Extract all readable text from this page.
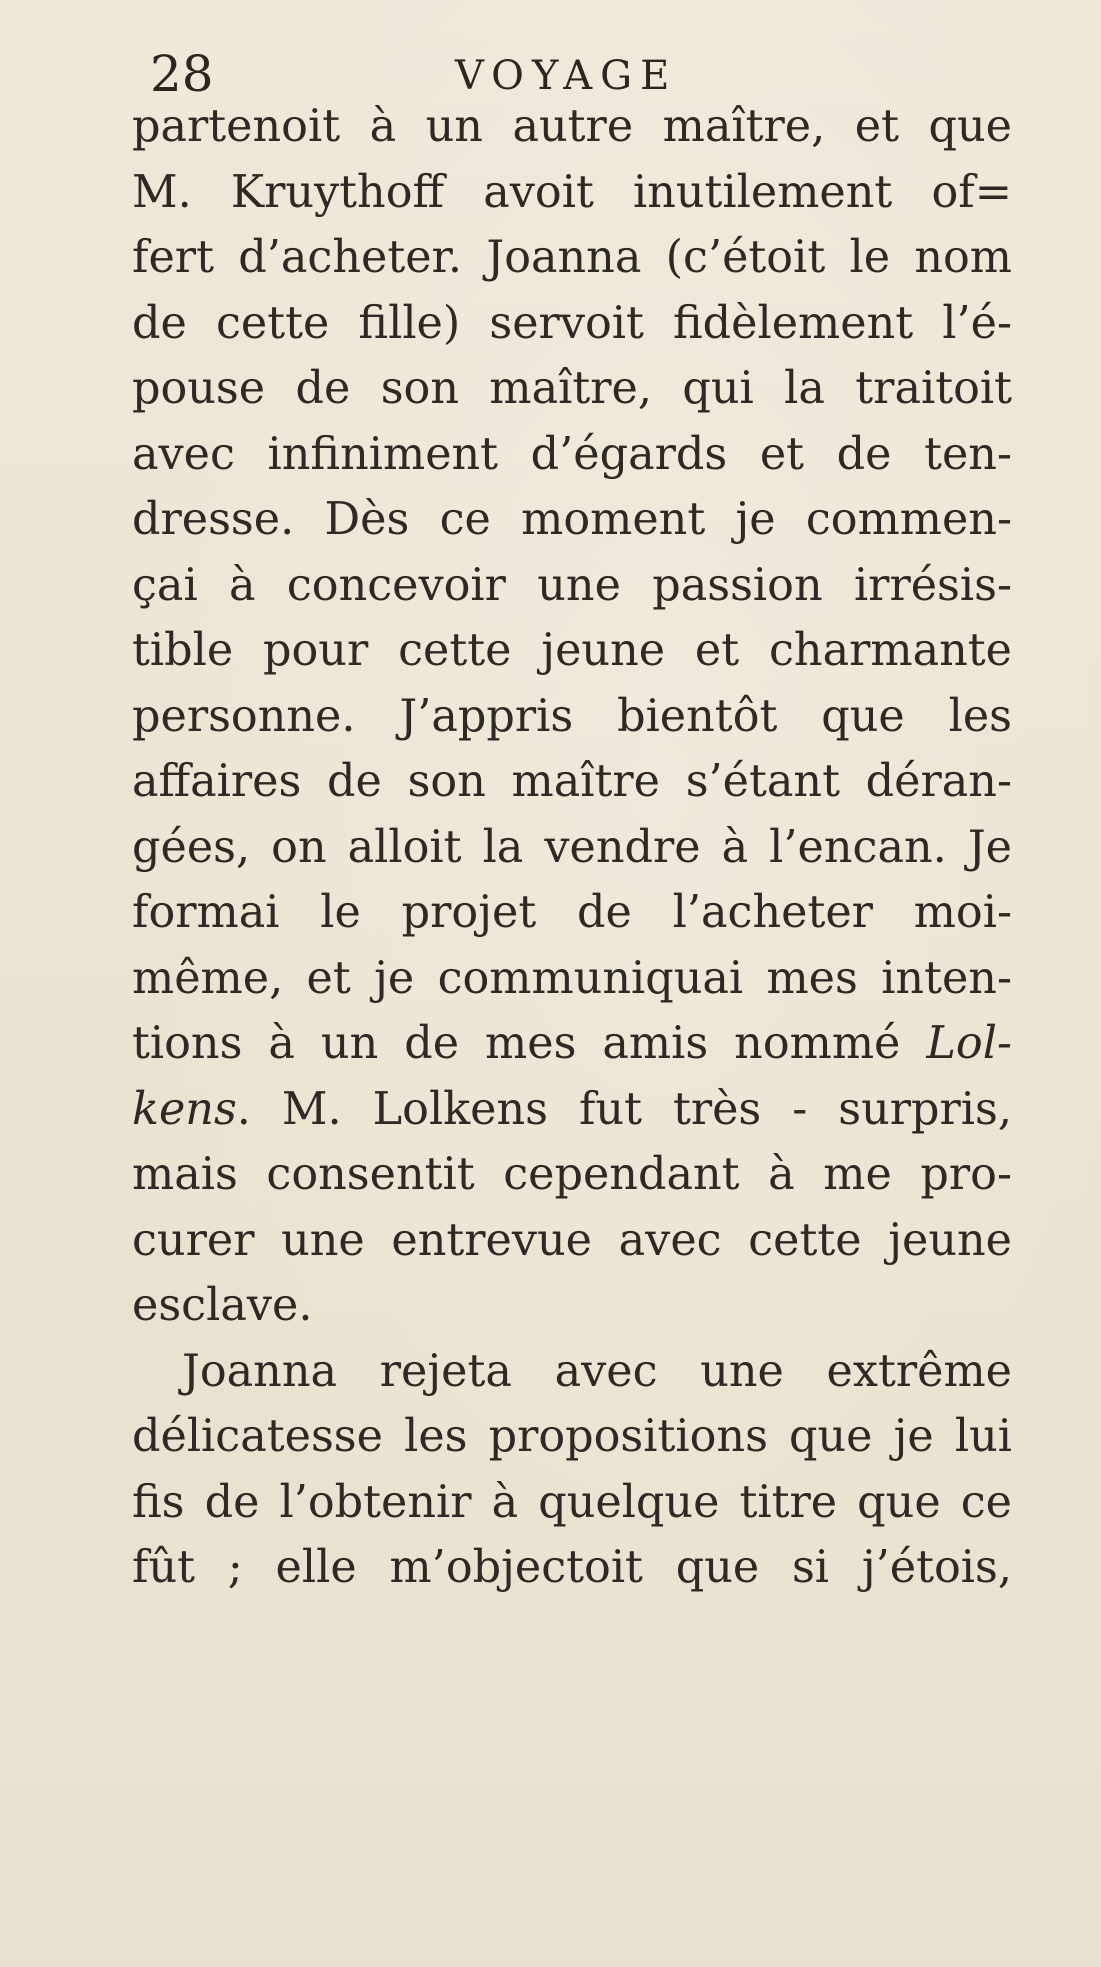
28	VOYAGE
partenoit à un autre maître, et que
M. Kruythoff avoit inutilement of=
fert d’acheter. Joanna (c’étoit le nom
de cette fille) servoit fidèlement l’é-
pouse de son maître, qui la traitoit
avec infiniment d’égards et de ten-
dresse. Dès ce moment je commen-
çai à concevoir une passion irrésis-
tible pour cette jeune et charmante
personne. J’appris bientôt que les
affaires de son maître s’étant déran-
gées, on alloit la vendre à l’encan. Je
formai le projet de l’acheter moi-
même, et je communiquai mes inten-
tions à un de mes amis nommé Lol-
kens. M. Lolkens fut très - surpris,
mais consentit cependant à me pro-
curer une entrevue avec cette jeune
esclave.
Joanna rejeta avec une extrême
délicatesse les propositions que je lui
fis de l’obtenir à quelque titre que ce
fût ; elle m’objectoit que si j’étois,
